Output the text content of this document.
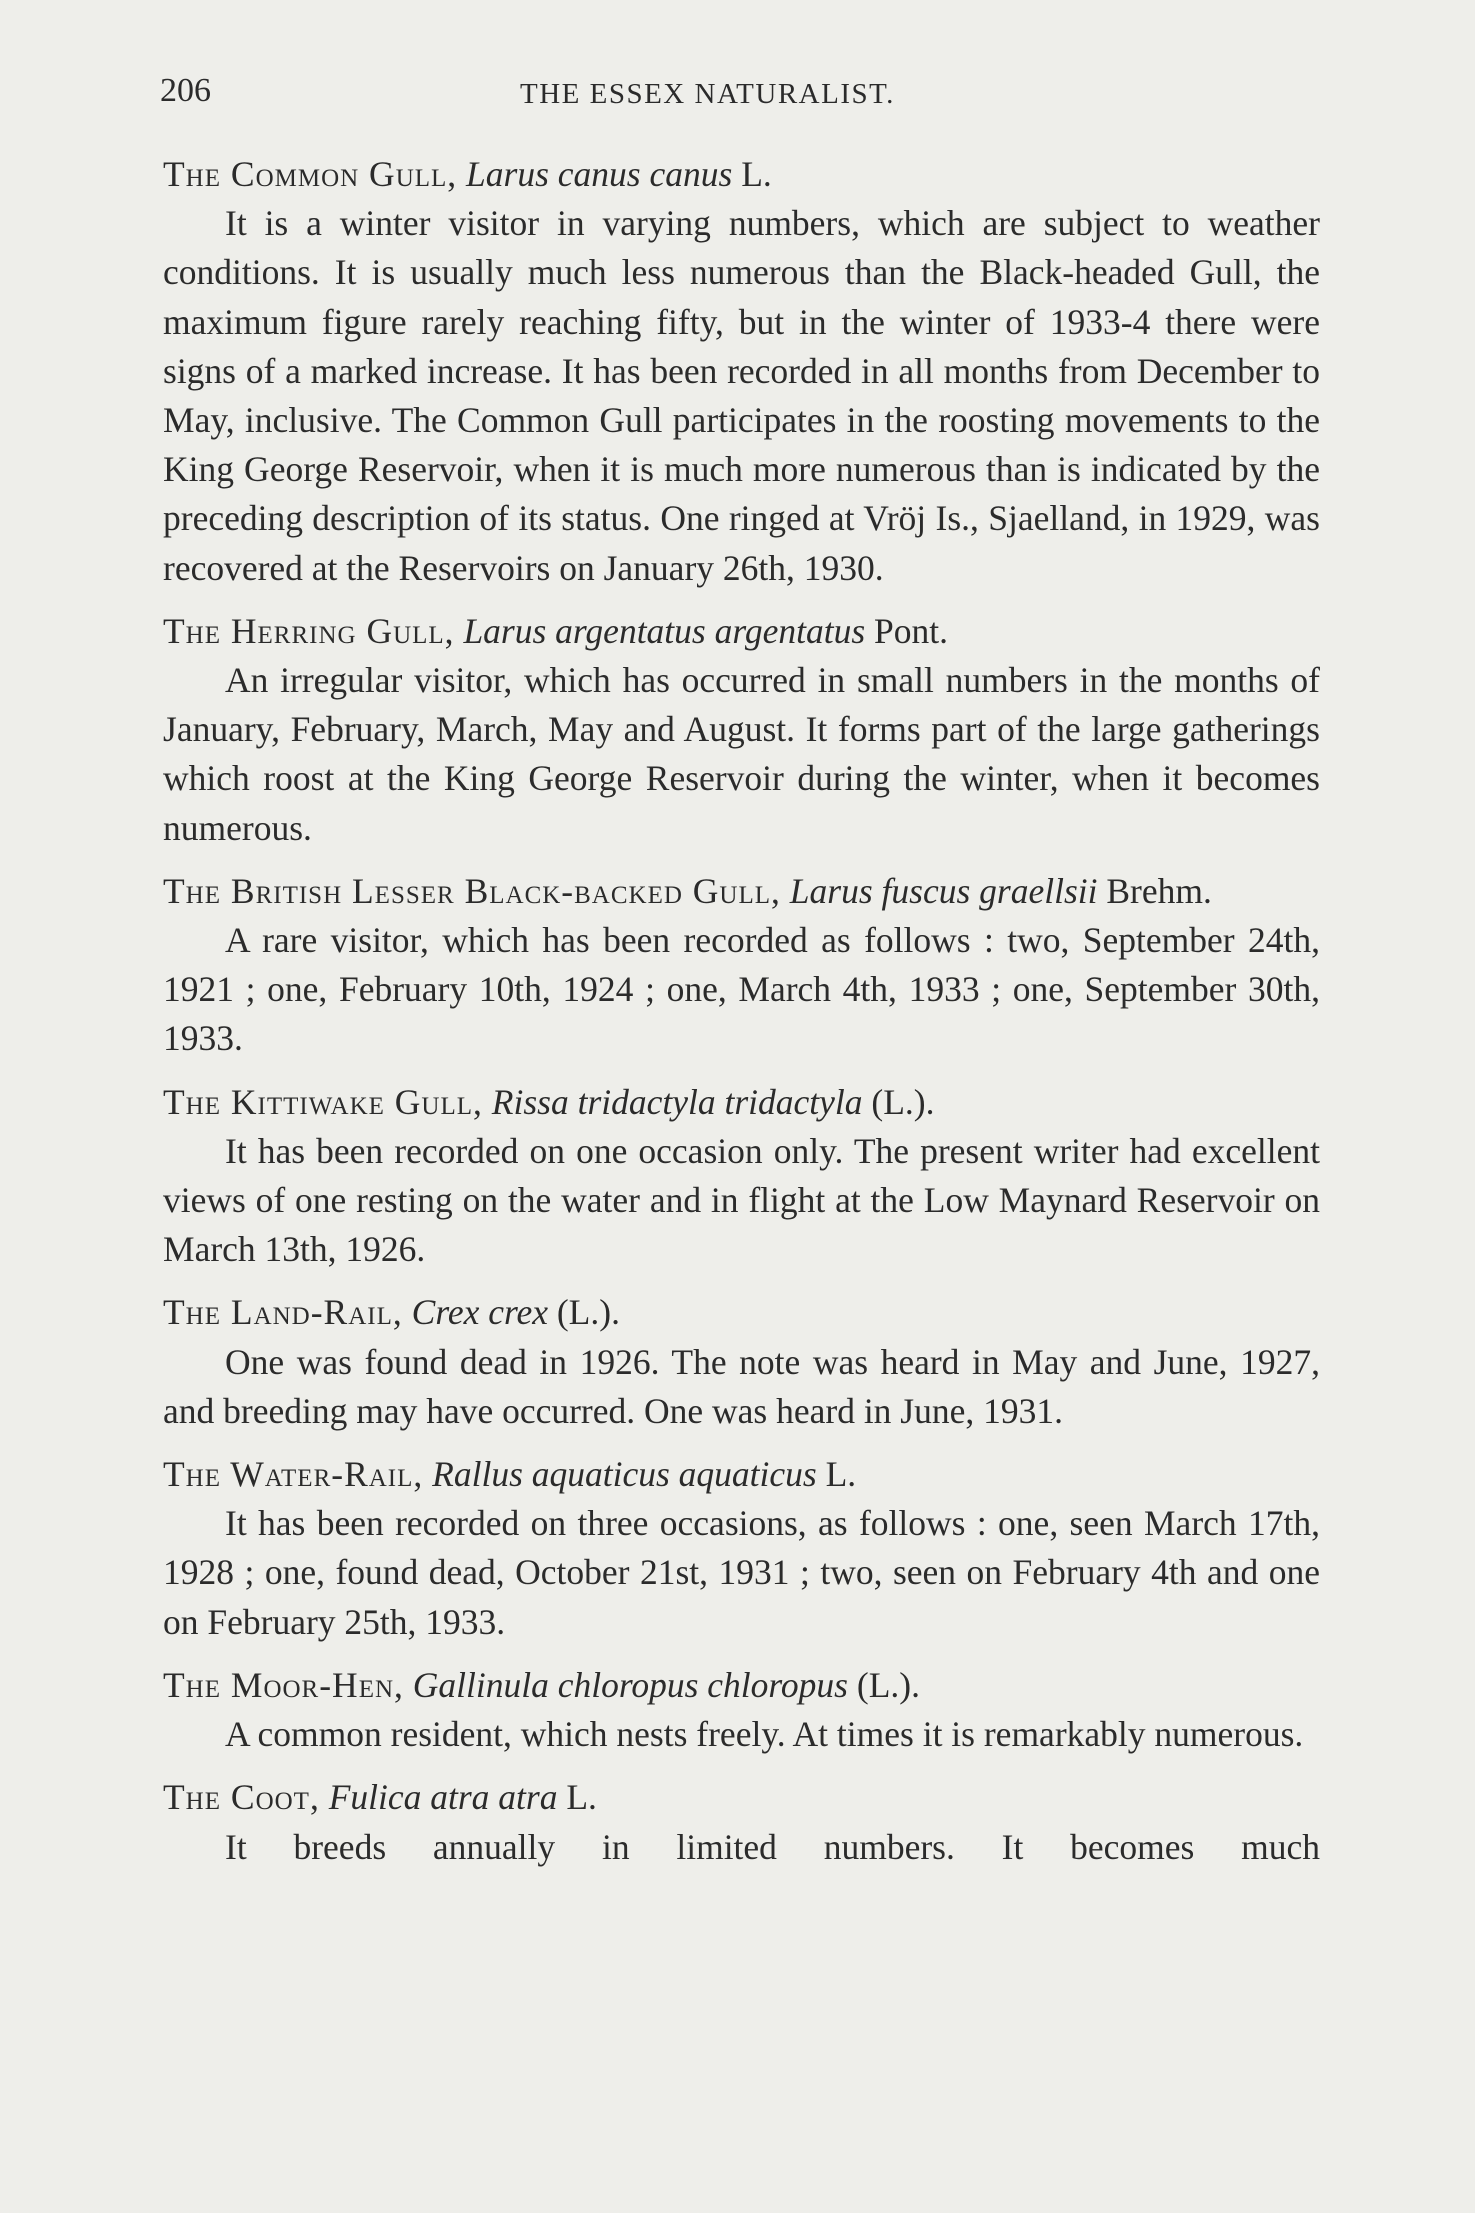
206	THE ESSEX NATURALIST.

The Common Gull, Larus canus canus L.

It is a winter visitor in varying numbers, which are subject to weather conditions. It is usually much less numerous than the Black-headed Gull, the maximum figure rarely reaching fifty, but in the winter of 1933-4 there were signs of a marked increase. It has been recorded in all months from December to May, inclusive. The Common Gull participates in the roosting movements to the King George Reservoir, when it is much more numerous than is indicated by the preceding description of its status. One ringed at Vröj Is., Sjaelland, in 1929, was recovered at the Reservoirs on January 26th, 1930.

The Herring Gull, Larus argentatus argentatus Pont.

An irregular visitor, which has occurred in small numbers in the months of January, February, March, May and August. It forms part of the large gatherings which roost at the King George Reservoir during the winter, when it becomes numerous.

The British Lesser Black-backed Gull, Larus fuscus graellsii Brehm.

A rare visitor, which has been recorded as follows : two, September 24th, 1921 ; one, February 10th, 1924 ; one, March 4th, 1933 ; one, September 30th, 1933.

The Kittiwake Gull, Rissa tridactyla tridactyla (L.).

It has been recorded on one occasion only. The present writer had excellent views of one resting on the water and in flight at the Low Maynard Reservoir on March 13th, 1926.

The Land-Rail, Crex crex (L.).

One was found dead in 1926. The note was heard in May and June, 1927, and breeding may have occurred. One was heard in June, 1931.

The Water-Rail, Rallus aquaticus aquaticus L.

It has been recorded on three occasions, as follows : one, seen March 17th, 1928 ; one, found dead, October 21st, 1931 ; two, seen on February 4th and one on February 25th, 1933.

The Moor-Hen, Gallinula chloropus chloropus (L.).

A common resident, which nests freely. At times it is remarkably numerous.

The Coot, Fulica atra atra L.

It breeds annually in limited numbers. It becomes much
